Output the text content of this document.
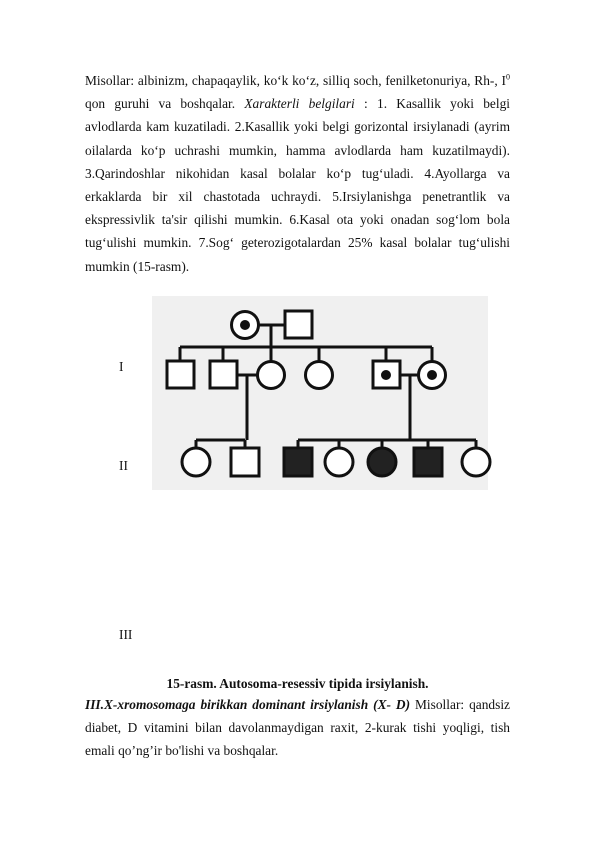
Misollar: albinizm, chapaqaylik, ko‘k ko‘z, silliq soch, fenilketonuriya, Rh-, $I^0$ qon guruhi va boshqalar. Xarakterli belgilari : 1. Kasallik yoki belgi avlodlarda kam kuzatiladi. 2.Kasallik yoki belgi gorizontal irsiylanadi (ayrim oilalarda ko‘p uchrashi mumkin, hamma avlodlarda ham kuzatilmaydi). 3.Qarindoshlar nikohidan kasal bolalar ko‘p tug‘uladi. 4.Ayollarga va erkaklarda bir xil chastotada uchraydi. 5.Irsiylanishga penetrantlik va ekspressivlik ta'sir qilishi mumkin. 6.Kasal ota yoki onadan sog‘lom bola tug‘ulishi mumkin. 7.Sog‘ geterozigotalardan 25% kasal bolalar tug‘ulishi mumkin (15-rasm).
I
II
III
15-rasm. Autosoma-resessiv tipida irsiylanish.
III.X-xromosomaga birikkan dominant irsiylanish (X- D) Misollar: qandsiz diabet, D vitamini bilan davolanmaydigan raxit, 2-kurak tishi yoqligi, tish emali qo’ng’ir bo'lishi va boshqalar.
